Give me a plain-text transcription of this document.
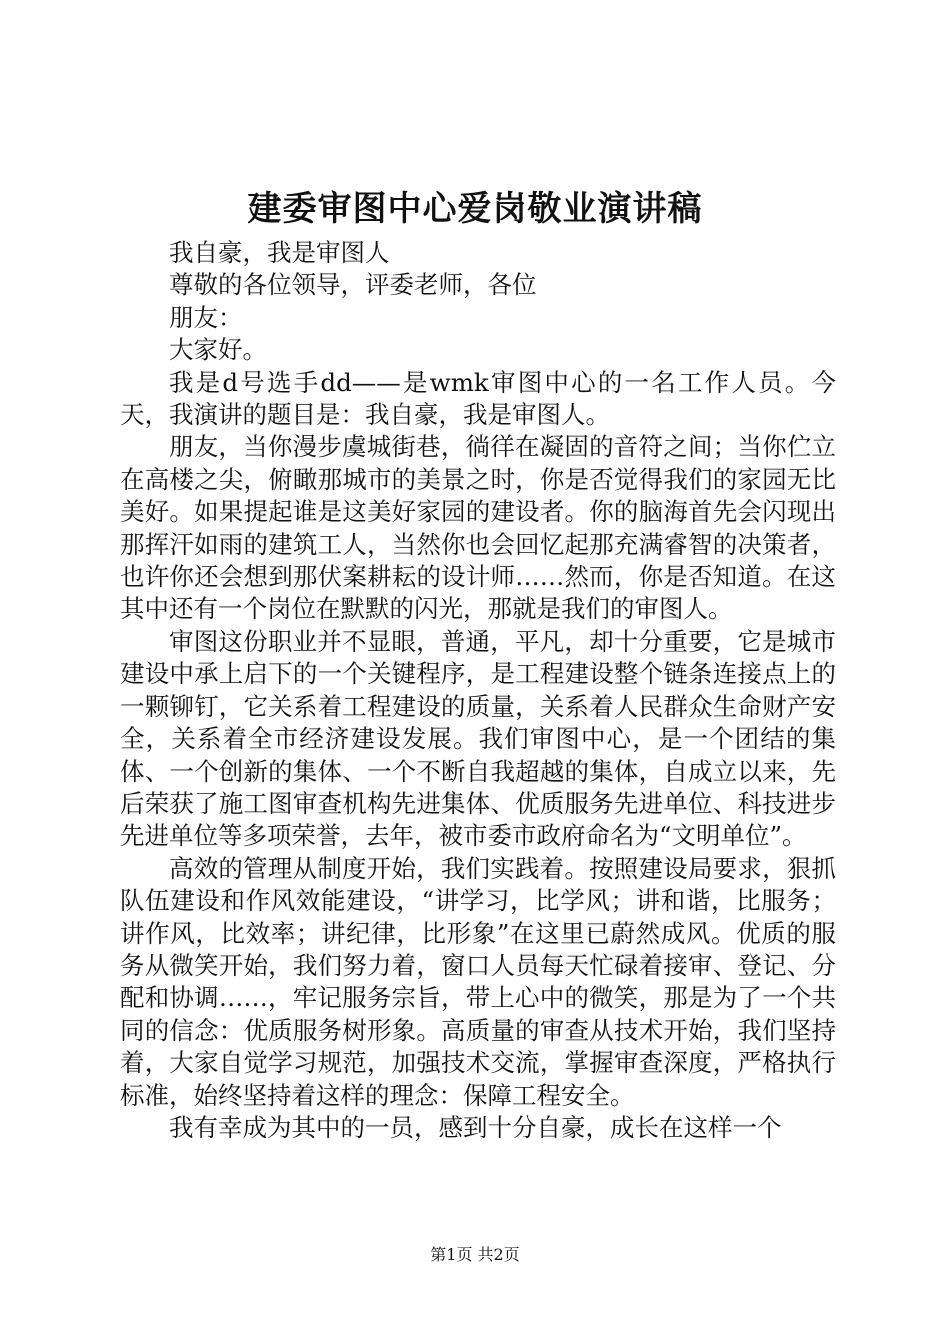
建委审图中心爱岗敬业演讲稿

我自豪，我是审图人

尊敬的各位领导，评委老师，各位

朋友：

大家好。

我是d号选手dd——是wmk审图中心的一名工作人员。今天，我演讲的题目是：我自豪，我是审图人。

朋友，当你漫步虞城街巷，徜徉在凝固的音符之间；当你伫立在高楼之尖，俯瞰那城市的美景之时，你是否觉得我们的家园无比美好。如果提起谁是这美好家园的建设者。你的脑海首先会闪现出那挥汗如雨的建筑工人，当然你也会回忆起那充满睿智的决策者，也许你还会想到那伏案耕耘的设计师……然而，你是否知道。在这其中还有一个岗位在默默的闪光，那就是我们的审图人。

审图这份职业并不显眼，普通，平凡，却十分重要，它是城市建设中承上启下的一个关键程序，是工程建设整个链条连接点上的一颗铆钉，它关系着工程建设的质量，关系着人民群众生命财产安全，关系着全市经济建设发展。我们审图中心，是一个团结的集体、一个创新的集体、一个不断自我超越的集体，自成立以来，先后荣获了施工图审查机构先进集体、优质服务先进单位、科技进步先进单位等多项荣誉，去年，被市委市政府命名为“文明单位”。

高效的管理从制度开始，我们实践着。按照建设局要求，狠抓队伍建设和作风效能建设，“讲学习，比学风；讲和谐，比服务；讲作风，比效率；讲纪律，比形象”在这里已蔚然成风。优质的服务从微笑开始，我们努力着，窗口人员每天忙碌着接审、登记、分配和协调……，牢记服务宗旨，带上心中的微笑，那是为了一个共同的信念：优质服务树形象。高质量的审查从技术开始，我们坚持着，大家自觉学习规范，加强技术交流，掌握审查深度，严格执行标准，始终坚持着这样的理念：保障工程安全。

我有幸成为其中的一员，感到十分自豪，成长在这样一个

第1页 共2页
